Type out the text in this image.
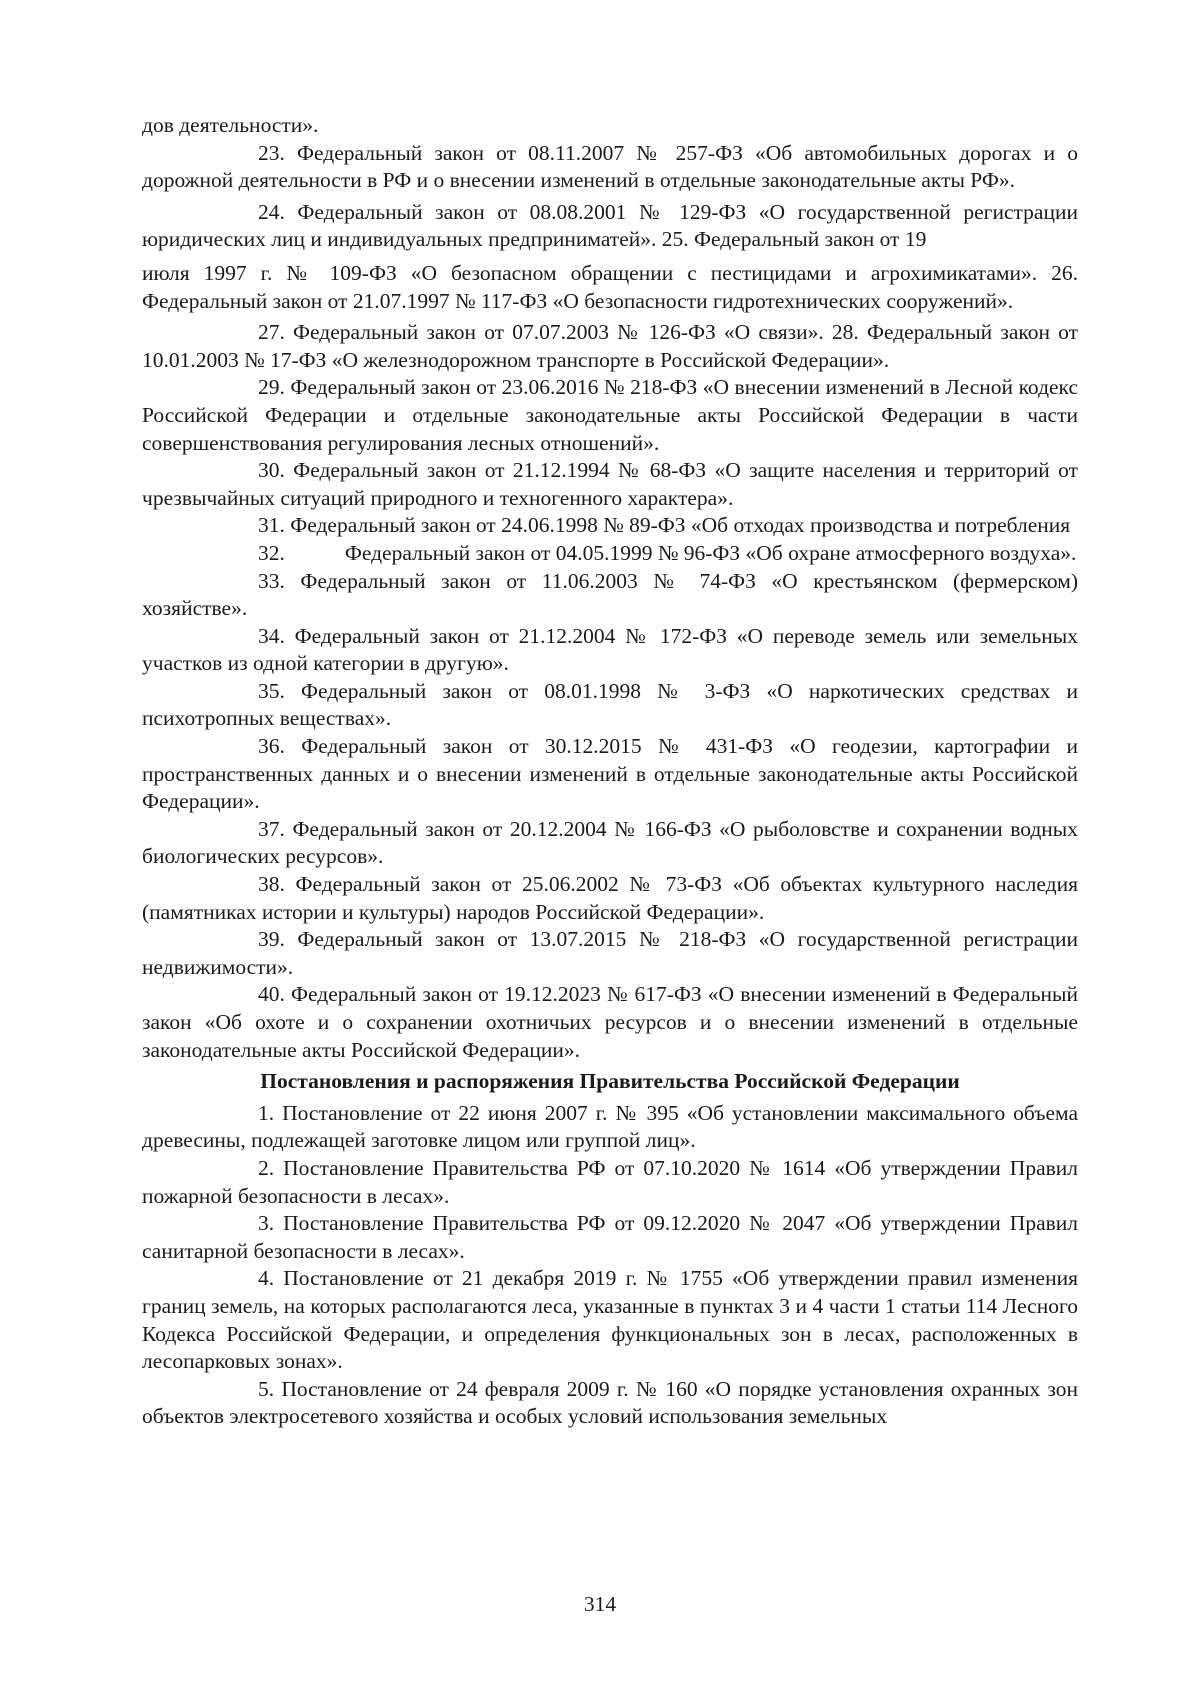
дов деятельности».

23. Федеральный закон от 08.11.2007 № 257-ФЗ «Об автомобильных дорогах и о дорожной деятельности в РФ и о внесении изменений в отдельные законодательные акты РФ».

24. Федеральный закон от 08.08.2001 № 129-ФЗ «О государственной регистрации юридических лиц и индивидуальных предприниматей». 25. Федеральный закон от 19

июля 1997 г. № 109-ФЗ «О безопасном обращении с пестицидами и агрохимикатами». 26. Федеральный закон от 21.07.1997 № 117-ФЗ «О безопасности гидротехнических сооружений».

27. Федеральный закон от 07.07.2003 № 126-ФЗ «О связи». 28. Федеральный закон от 10.01.2003 № 17-ФЗ «О железнодорожном транспорте в Российской Федерации».

29. Федеральный закон от 23.06.2016 № 218-ФЗ «О внесении изменений в Лесной кодекс Российской Федерации и отдельные законодательные акты Российской Федерации в части совершенствования регулирования лесных отношений».

30. Федеральный закон от 21.12.1994 № 68-ФЗ «О защите населения и территорий от чрезвычайных ситуаций природного и техногенного характера».

31. Федеральный закон от 24.06.1998 № 89-ФЗ «Об отходах производства и потребления

32.	Федеральный закон от 04.05.1999 № 96-ФЗ «Об охране атмосферного воздуха».

33. Федеральный закон от 11.06.2003 № 74-ФЗ «О крестьянском (фермерском) хозяйстве».

34. Федеральный закон от 21.12.2004 № 172-ФЗ «О переводе земель или земельных участков из одной категории в другую».

35. Федеральный закон от 08.01.1998 № 3-ФЗ «О наркотических средствах и психотропных веществах».

36. Федеральный закон от 30.12.2015 № 431-ФЗ «О геодезии, картографии и пространственных данных и о внесении изменений в отдельные законодательные акты Российской Федерации».

37. Федеральный закон от 20.12.2004 № 166-ФЗ «О рыболовстве и сохранении водных биологических ресурсов».

38. Федеральный закон от 25.06.2002 № 73-ФЗ «Об объектах культурного наследия (памятниках истории и культуры) народов Российской Федерации».

39. Федеральный закон от 13.07.2015 № 218-ФЗ «О государственной регистрации недвижимости».

40. Федеральный закон от 19.12.2023 № 617-ФЗ «О внесении изменений в Федеральный закон «Об охоте и о сохранении охотничьих ресурсов и о внесении изменений в отдельные законодательные акты Российской Федерации».

Постановления и распоряжения Правительства Российской Федерации

1. Постановление от 22 июня 2007 г. № 395 «Об установлении максимального объема древесины, подлежащей заготовке лицом или группой лиц».

2. Постановление Правительства РФ от 07.10.2020 № 1614 «Об утверждении Правил пожарной безопасности в лесах».

3. Постановление Правительства РФ от 09.12.2020 № 2047 «Об утверждении Правил санитарной безопасности в лесах».

4. Постановление от 21 декабря 2019 г. № 1755 «Об утверждении правил изменения границ земель, на которых располагаются леса, указанные в пунктах 3 и 4 части 1 статьи 114 Лесного Кодекса Российской Федерации, и определения функциональных зон в лесах, расположенных в лесопарковых зонах».

5. Постановление от 24 февраля 2009 г. № 160 «О порядке установления охранных зон объектов электросетевого хозяйства и особых условий использования земельных

314
